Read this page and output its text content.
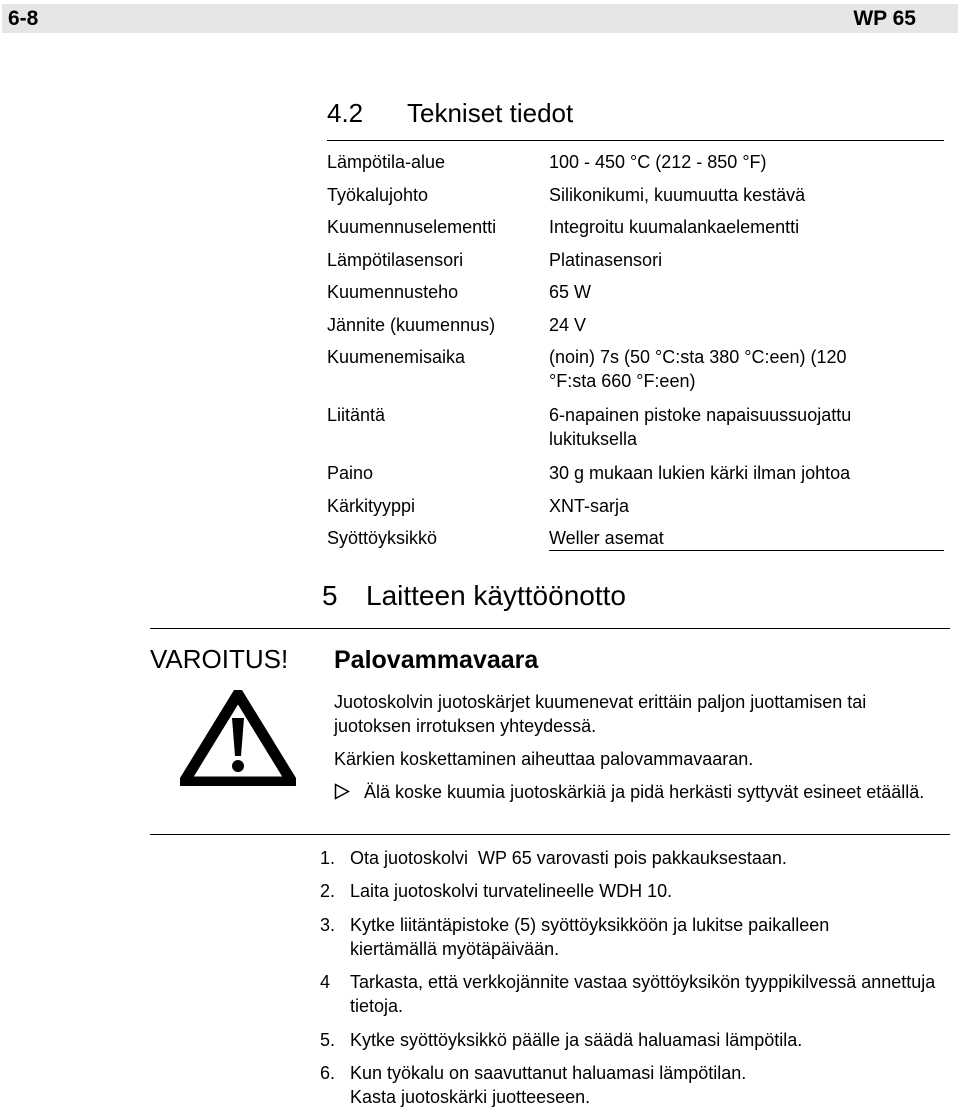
6-8	WP 65
4.2 Tekniset tiedot
Lämpötila-alue	100 - 450 °C (212 - 850 °F)
Työkalujohto	Silikonikumi, kuumuutta kestävä
Kuumennuselementti	Integroitu kuumalankaelementti
Lämpötilasensori	Platinasensori
Kuumennusteho	65 W
Jännite (kuumennus)	24 V
Kuumenemisaika	(noin) 7s (50 °C:sta 380 °C:een) (120 °F:sta 660 °F:een)
Liitäntä	6-napainen pistoke napaisuussuojattu lukituksella
Paino	30 g mukaan lukien kärki ilman johtoa
Kärkityyppi	XNT-sarja
Syöttöyksikkö	Weller asemat
5 Laitteen käyttöönotto
VAROITUS! Palovammavaara
Juotoskolvin juotoskärjet kuumenevat erittäin paljon juottamisen tai juotoksen irrotuksen yhteydessä.
Kärkien koskettaminen aiheuttaa palovammavaaran.
Älä koske kuumia juotoskärkiä ja pidä herkästi syttyvät esineet etäällä.
1. Ota juotoskolvi  WP 65 varovasti pois pakkauksestaan.
2. Laita juotoskolvi turvatelineelle WDH 10.
3. Kytke liitäntäpistoke (5) syöttöyksikköön ja lukitse paikalleen kiertämällä myötäpäivään.
4	Tarkasta, että verkkojännite vastaa syöttöyksikön tyyppikilvessä annettuja tietoja.
5. Kytke syöttöyksikkö päälle ja säädä haluamasi lämpötila.
6. Kun työkalu on saavuttanut haluamasi lämpötilan.
Kasta juotoskärki juotteeseen.
